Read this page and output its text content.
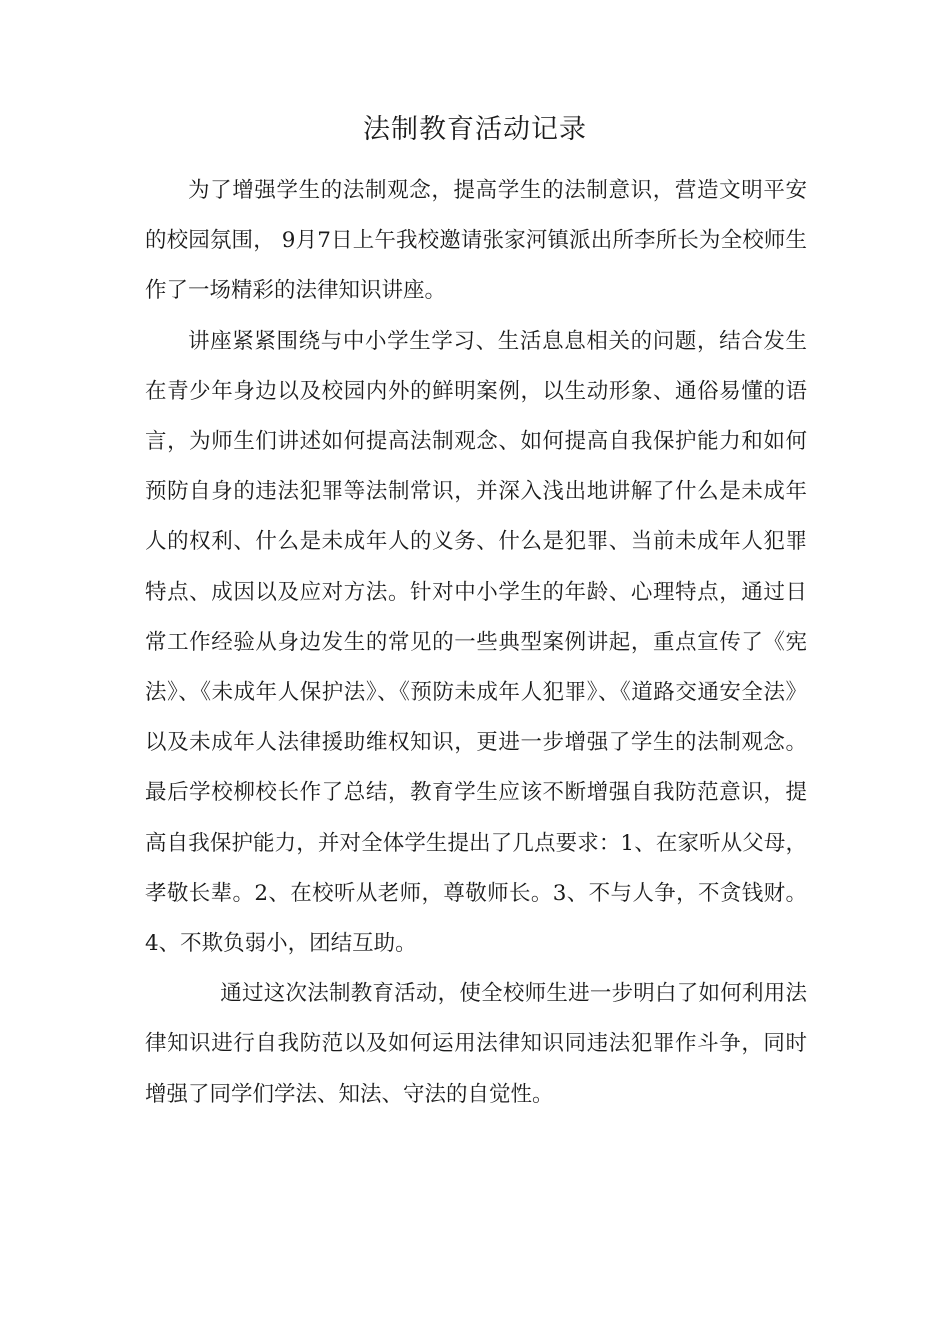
法制教育活动记录

为了增强学生的法制观念，提高学生的法制意识，营造文明平安的校园氛围， 9月7日上午我校邀请张家河镇派出所李所长为全校师生作了一场精彩的法律知识讲座。

讲座紧紧围绕与中小学生学习、生活息息相关的问题，结合发生在青少年身边以及校园内外的鲜明案例，以生动形象、通俗易懂的语言，为师生们讲述如何提高法制观念、如何提高自我保护能力和如何预防自身的违法犯罪等法制常识，并深入浅出地讲解了什么是未成年人的权利、什么是未成年人的义务、什么是犯罪、当前未成年人犯罪特点、成因以及应对方法。针对中小学生的年龄、心理特点，通过日常工作经验从身边发生的常见的一些典型案例讲起，重点宣传了《宪法》、《未成年人保护法》、《预防未成年人犯罪》、《道路交通安全法》以及未成年人法律援助维权知识，更进一步增强了学生的法制观念。最后学校柳校长作了总结，教育学生应该不断增强自我防范意识，提高自我保护能力，并对全体学生提出了几点要求：1、在家听从父母，孝敬长辈。2、在校听从老师，尊敬师长。3、不与人争，不贪钱财。4、不欺负弱小，团结互助。

通过这次法制教育活动，使全校师生进一步明白了如何利用法律知识进行自我防范以及如何运用法律知识同违法犯罪作斗争，同时增强了同学们学法、知法、守法的自觉性。
